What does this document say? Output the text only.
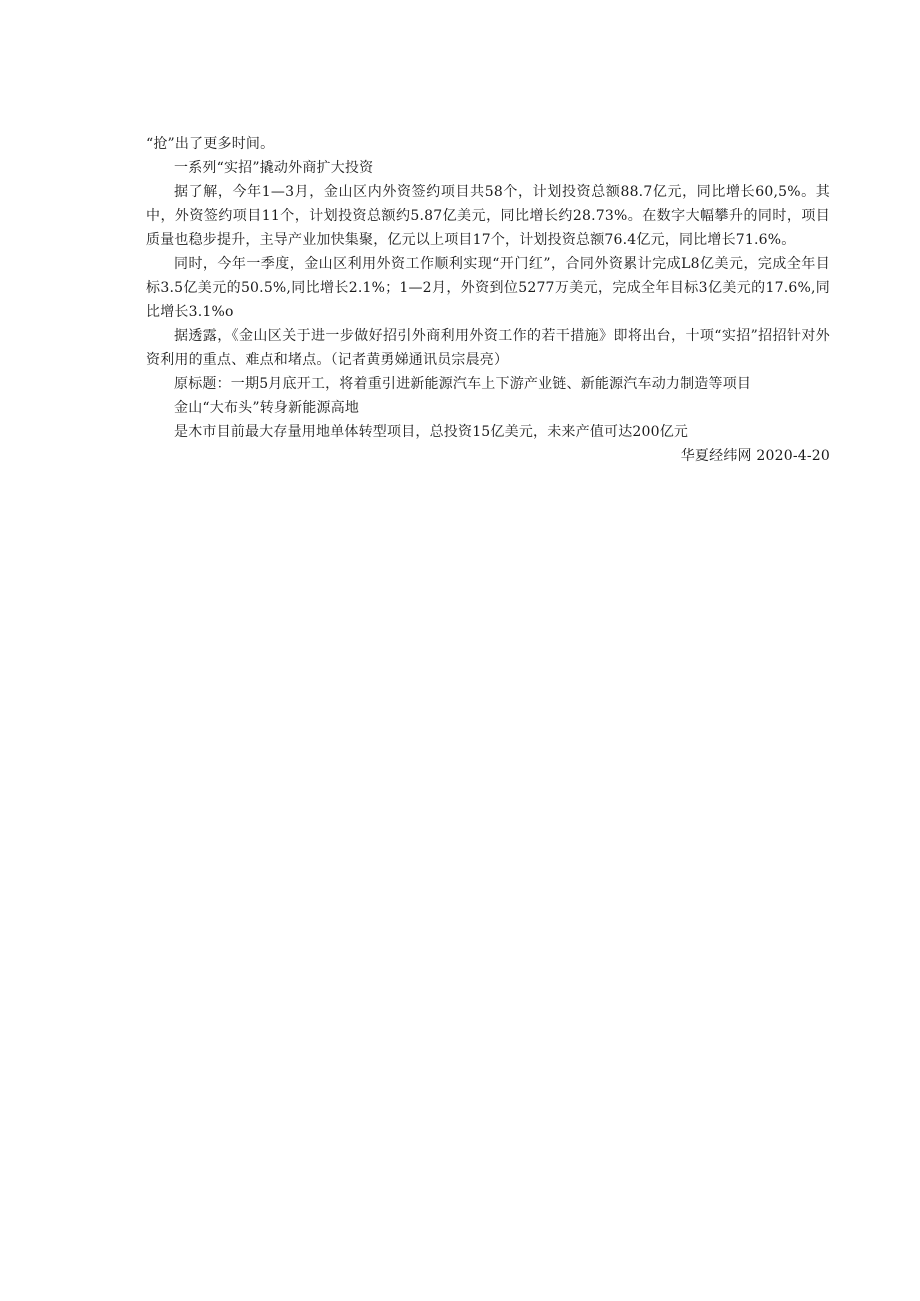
“抢”出了更多时间。

一系列“实招”撬动外商扩大投资

据了解，今年1—3月，金山区内外资签约项目共58个，计划投资总额88.7亿元，同比增长60,5%。其中，外资签约项目11个，计划投资总额约5.87亿美元，同比增长约28.73%。在数字大幅攀升的同时，项目质量也稳步提升，主导产业加快集聚，亿元以上项目17个，计划投资总额76.4亿元，同比增长71.6%。

同时，今年一季度，金山区利用外资工作顺利实现“开门红”，合同外资累计完成L8亿美元，完成全年目标3.5亿美元的50.5%,同比增长2.1%；1—2月，外资到位5277万美元，完成全年目标3亿美元的17.6%,同比增长3.1%o

据透露，《金山区关于进一步做好招引外商利用外资工作的若干措施》即将出台，十项“实招”招招针对外资利用的重点、难点和堵点。（记者黄勇娣通讯员宗晨亮）

原标题：一期5月底开工，将着重引进新能源汽车上下游产业链、新能源汽车动力制造等项目

金山“大布头”转身新能源高地

是木市目前最大存量用地单体转型项目，总投资15亿美元，未来产值可达200亿元

华夏经纬网 2020-4-20
